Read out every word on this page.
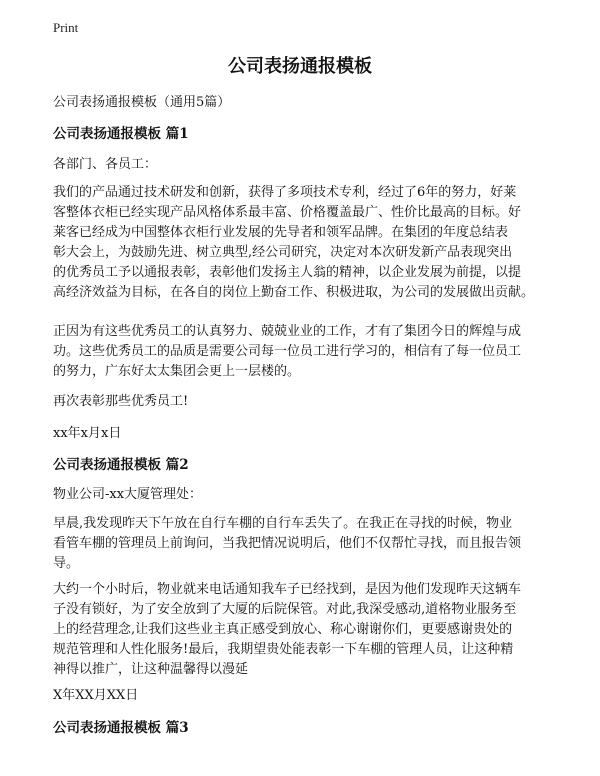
Print
公司表扬通报模板

公司表扬通报模板（通用5篇）

公司表扬通报模板 篇1

各部门、各员工：

我们的产品通过技术研发和创新，获得了多项技术专利，经过了6年的努力，好莱
客整体衣柜已经实现产品风格体系最丰富、价格覆盖最广、性价比最高的目标。好
莱客已经成为中国整体衣柜行业发展的先导者和领军品牌。在集团的年度总结表
彰大会上，为鼓励先进、树立典型,经公司研究，决定对本次研发新产品表现突出
的优秀员工予以通报表彰，表彰他们发扬主人翁的精神，以企业发展为前提，以提
高经济效益为目标，在各自的岗位上勤奋工作、积极进取，为公司的发展做出贡献。

正因为有这些优秀员工的认真努力、兢兢业业的工作，才有了集团今日的辉煌与成
功。这些优秀员工的品质是需要公司每一位员工进行学习的，相信有了每一位员工
的努力，广东好太太集团会更上一层楼的。

再次表彰那些优秀员工!

xx年x月x日

公司表扬通报模板 篇2

物业公司-xx大厦管理处：

早晨,我发现昨天下午放在自行车棚的自行车丢失了。在我正在寻找的时候，物业
看管车棚的管理员上前询问，当我把情况说明后，他们不仅帮忙寻找，而且报告领
导。

大约一个小时后，物业就来电话通知我车子已经找到，是因为他们发现昨天这辆车
子没有锁好，为了安全放到了大厦的后院保管。对此,我深受感动,道格物业服务至
上的经营理念,让我们这些业主真正感受到放心、称心谢谢你们，更要感谢贵处的
规范管理和人性化服务!最后，我期望贵处能表彰一下车棚的管理人员，让这种精
神得以推广，让这种温馨得以漫延

X年XX月XX日

公司表扬通报模板 篇3
